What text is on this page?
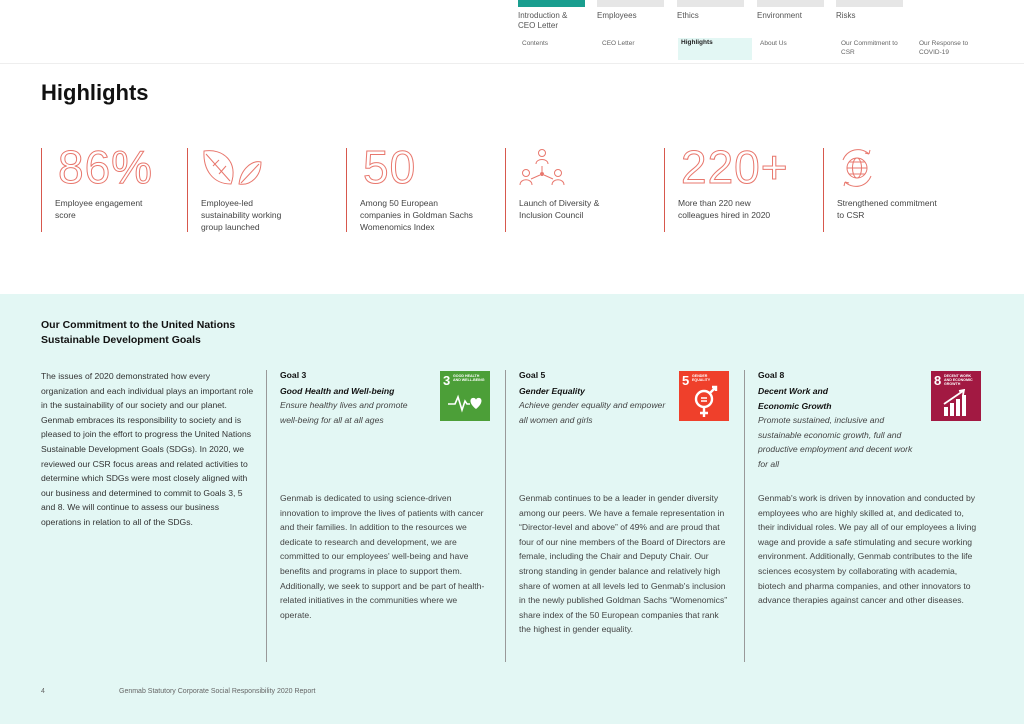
Introduction & CEO Letter
Employees	Ethics	Environment	Risks
Contents	CEO Letter	Highlights	About Us	Our Commitment to CSR
Our Response to COVID-19
Highlights
86%
Employee engagement score
Employee-led sustainability working group launched
50
Among 50 European companies in Goldman Sachs Womenomics Index
Launch of Diversity & Inclusion Council
220+
More than 220 new colleagues hired in 2020
Strengthened commitment to CSR
Our Commitment to the United Nations
Sustainable Development Goals
The issues of 2020 demonstrated how every organization and each individual plays an important role in the sustainability of our society and our planet. Genmab embraces its responsibility to society and is pleased to join the effort to progress the United Nations Sustainable Development Goals (SDGs). In 2020, we reviewed our CSR focus areas and related activities to determine which SDGs were most closely aligned with our business and determined to commit to Goals 3, 5 and 8. We will continue to assess our business operations in relation to all of the SDGs.
Goal 3
Good Health and Well-being
Ensure healthy lives and promote well-being for all at all ages
Genmab is dedicated to using science-driven innovation to improve the lives of patients with cancer and their families. In addition to the resources we dedicate to research and development, we are committed to our employees' well-being and have benefits and programs in place to support them. Additionally, we seek to support and be part of health-related initiatives in the communities where we operate.
3 GOOD HEALTH AND WELL-BEING
Goal 5
Gender Equality
Achieve gender equality and empower all women and girls
Genmab continues to be a leader in gender diversity among our peers. We have a female representation in “Director-level and above” of 49% and are proud that four of our nine members of the Board of Directors are female, including the Chair and Deputy Chair. Our strong standing in gender balance and relatively high share of women at all levels led to Genmab's inclusion in the newly published Goldman Sachs “Womenomics” share index of the 50 European companies that rank the highest in gender equality.
5 GENDER EQUALITY
Goal 8
Decent Work and Economic Growth
Promote sustained, inclusive and sustainable economic growth, full and productive employment and decent work for all
Genmab's work is driven by innovation and conducted by employees who are highly skilled at, and dedicated to, their individual roles. We pay all of our employees a living wage and provide a safe stimulating and secure working environment. Additionally, Genmab contributes to the life sciences ecosystem by collaborating with academia, biotech and pharma companies, and other innovators to advance therapies against cancer and other diseases.
8 DECENT WORK AND ECONOMIC GROWTH
4	Genmab Statutory Corporate Social Responsibility 2020 Report
